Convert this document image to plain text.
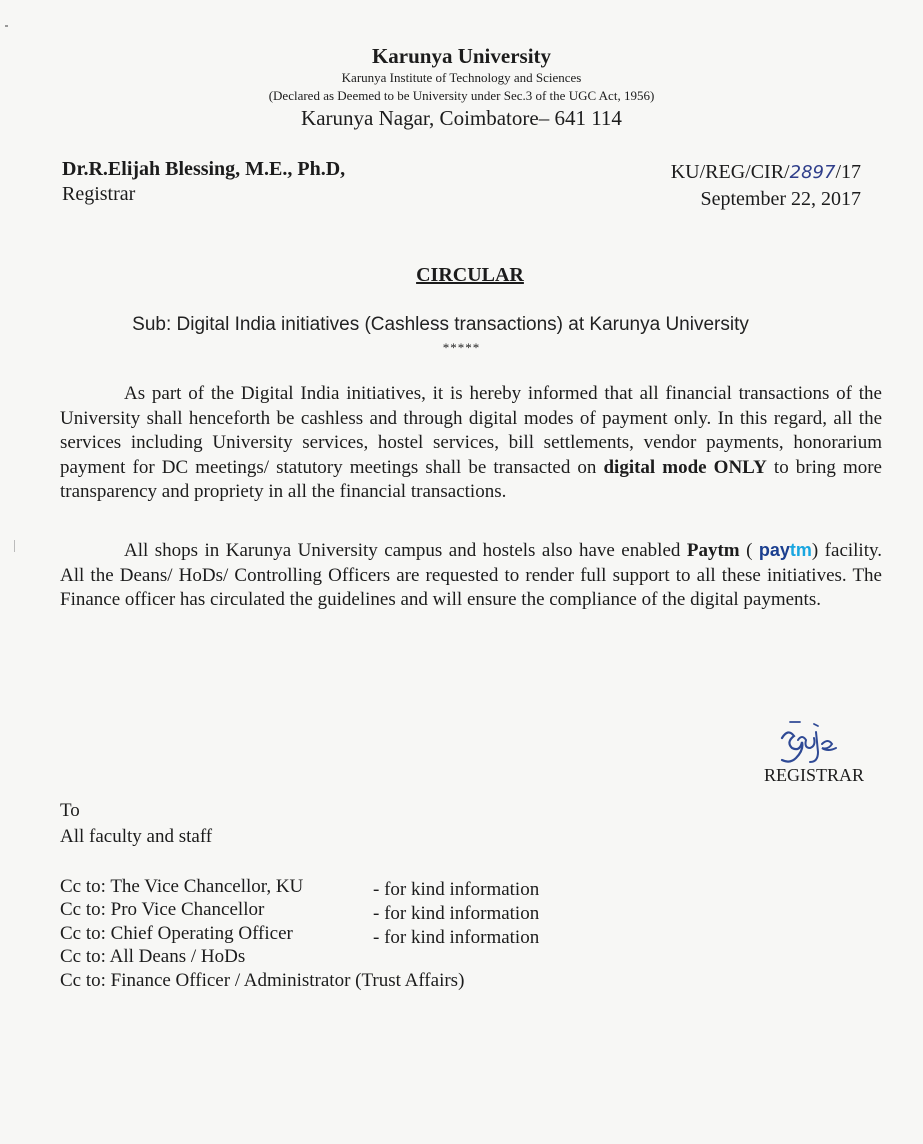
Karunya University
Karunya Institute of Technology and Sciences
(Declared as Deemed to be University under Sec.3 of the UGC Act, 1956)
Karunya Nagar, Coimbatore– 641 114
Dr.R.Elijah Blessing, M.E., Ph.D,
Registrar
KU/REG/CIR/2897/17
September 22, 2017
CIRCULAR
Sub: Digital India initiatives (Cashless transactions) at Karunya University
*****
As part of the Digital India initiatives, it is hereby informed that all financial transactions of the University shall henceforth be cashless and through digital modes of payment only. In this regard, all the services including University services, hostel services, bill settlements, vendor payments, honorarium payment for DC meetings/ statutory meetings shall be transacted on digital mode ONLY to bring more transparency and propriety in all the financial transactions.
All shops in Karunya University campus and hostels also have enabled Paytm ( paytm) facility. All the Deans/ HoDs/ Controlling Officers are requested to render full support to all these initiatives. The Finance officer has circulated the guidelines and will ensure the compliance of the digital payments.
REGISTRAR
To
All faculty and staff
Cc to: The Vice Chancellor, KU	- for kind information
Cc to: Pro Vice Chancellor	- for kind information
Cc to: Chief Operating Officer	- for kind information
Cc to: All Deans / HoDs
Cc to: Finance Officer / Administrator (Trust Affairs)
